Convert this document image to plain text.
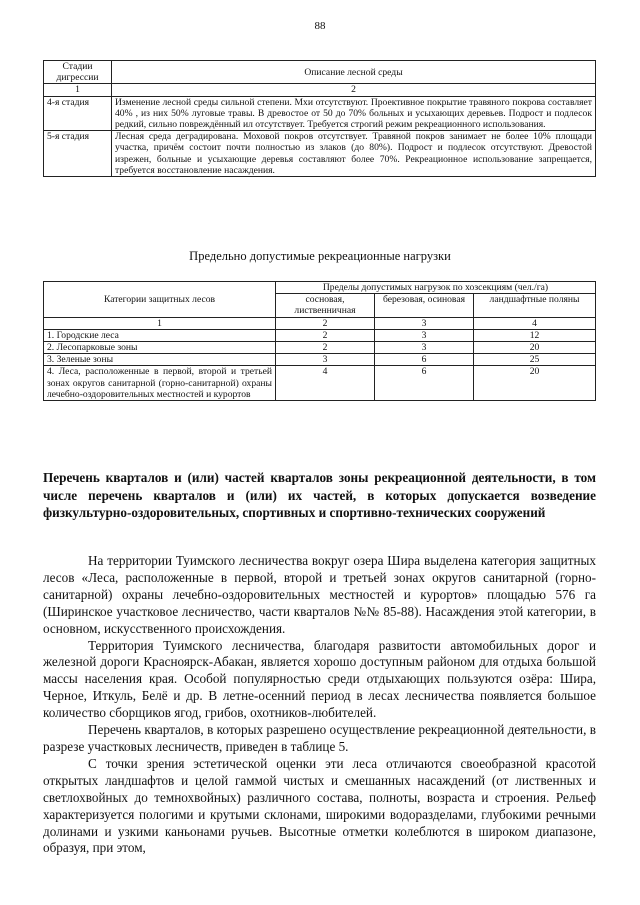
88
Стадии дигрессии	Описание лесной среды
1	2
4-я стадия	Изменение лесной среды сильной степени. Мхи отсутствуют. Проективное покрытие травяного покрова составляет 40% , из них 50% луговые травы. В древостое от 50 до 70% больных и усыхающих деревьев. Подрост и подлесок редкий, сильно повреждённый ил отсутствует. Требуется строгий режим рекреационного использования.
5-я стадия	Лесная среда деградирована. Моховой покров отсутствует. Травяной покров занимает не более 10% площади участка, причём состоит почти полностью из злаков (до 80%). Подрост и подлесок отсутствуют. Древостой изрежен, больные и усыхающие деревья составляют более 70%. Рекреационное использование запрещается, требуется восстановление насаждения.
Предельно допустимые рекреационные нагрузки
Категории защитных лесов	Пределы допустимых нагрузок по хозсекциям (чел./га)		
	сосновая, лиственничная	березовая, осиновая	ландшафтные поляны
1	2	3	4
1. Городские леса	2	3	12
2. Лесопарковые зоны	2	3	20
3. Зеленые зоны	3	6	25
4. Леса, расположенные в первой, второй и третьей зонах округов санитарной (горно-санитарной) охраны лечебно-оздоровительных местностей и курортов	4	6	20
Перечень кварталов и (или) частей кварталов зоны рекреационной деятельности, в том числе перечень кварталов и (или) их частей, в которых допускается возведение физкультурно-оздоровительных, спортивных и спортивно-технических сооружений

На территории Туимского лесничества вокруг озера Шира выделена категория защитных лесов «Леса, расположенные в первой, второй и третьей зонах округов санитарной (горно-санитарной) охраны лечебно-оздоровительных местностей и курортов» площадью 576 га (Ширинское участковое лесничество, части кварталов №№ 85-88). Насаждения этой категории, в основном, искусственного происхождения.

Территория Туимского лесничества, благодаря развитости автомобильных дорог и железной дороги Красноярск-Абакан, является хорошо доступным районом для отдыха большой массы населения края. Особой популярностью среди отдыхающих пользуются озёра: Шира, Черное, Иткуль, Белё и др. В летне-осенний период в лесах лесничества появляется большое количество сборщиков ягод, грибов, охотников-любителей.

Перечень кварталов, в которых разрешено осуществление рекреационной деятельности, в разрезе участковых лесничеств, приведен в таблице 5.

С точки зрения эстетической оценки эти леса отличаются своеобразной красотой открытых ландшафтов и целой гаммой чистых и смешанных насаждений (от лиственных и светлохвойных до темнохвойных) различного состава, полноты, возраста и строения. Рельеф характеризуется пологими и крутыми склонами, широкими водоразделами, глубокими речными долинами и узкими каньонами ручьев. Высотные отметки колеблются в широком диапазоне, образуя, при этом,
